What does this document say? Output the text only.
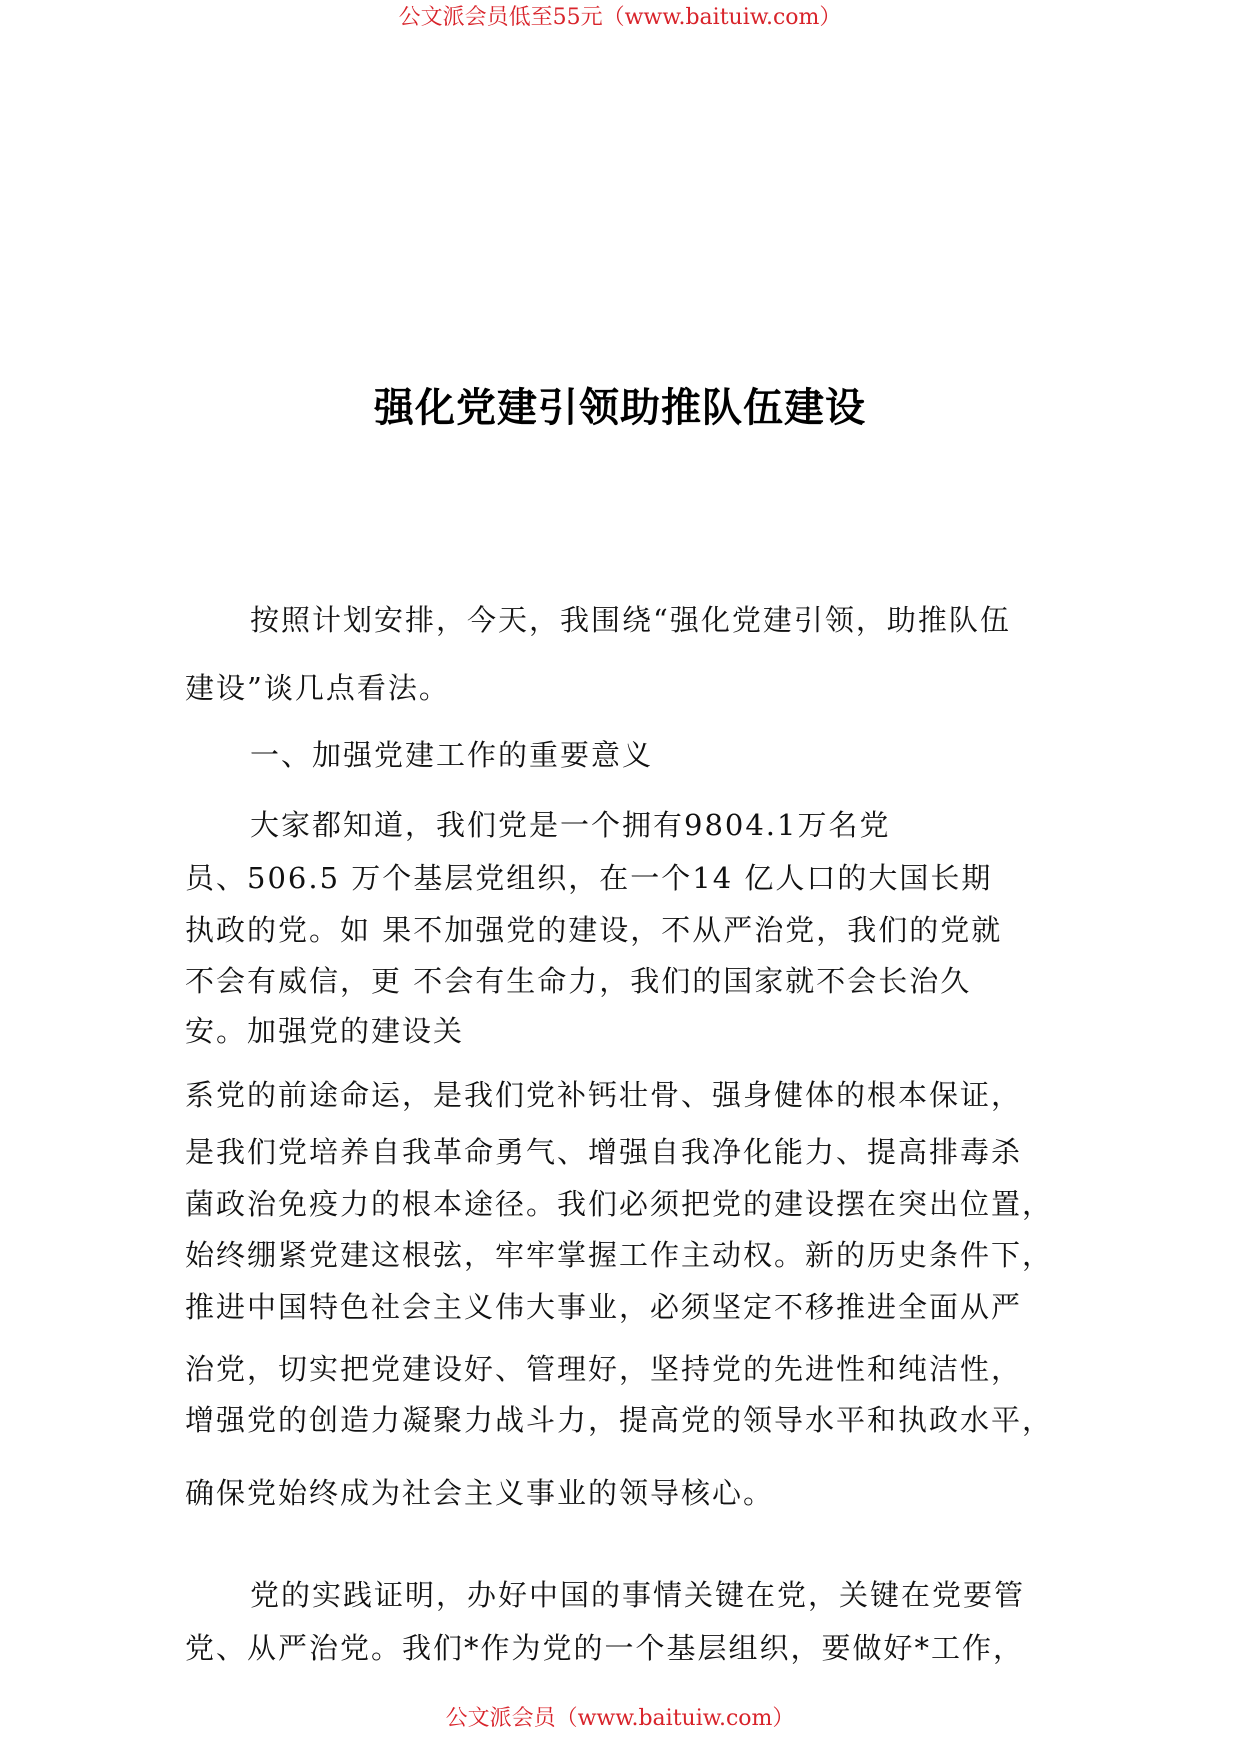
公文派会员低至55元（www.baituiw.com）
强化党建引领助推队伍建设
按照计划安排，今天，我围绕“强化党建引领，助推队伍
建设”谈几点看法。
一、加强党建工作的重要意义
大家都知道，我们党是一个拥有9804.1万名党
员、506.5 万个基层党组织，在一个14 亿人口的大国长期
执政的党。如 果不加强党的建设，不从严治党，我们的党就
不会有威信，更 不会有生命力，我们的国家就不会长治久
安。加强党的建设关
系党的前途命运，是我们党补钙壮骨、强身健体的根本保证，
是我们党培养自我革命勇气、增强自我净化能力、提高排毒杀
菌政治免疫力的根本途径。我们必须把党的建设摆在突出位置，
始终绷紧党建这根弦，牢牢掌握工作主动权。新的历史条件下，
推进中国特色社会主义伟大事业，必须坚定不移推进全面从严
治党，切实把党建设好、管理好，坚持党的先进性和纯洁性，
增强党的创造力凝聚力战斗力，提高党的领导水平和执政水平，
确保党始终成为社会主义事业的领导核心。
党的实践证明，办好中国的事情关键在党，关键在党要管
党、从严治党。我们*作为党的一个基层组织，要做好*工作，
公文派会员（www.baituiw.com）
